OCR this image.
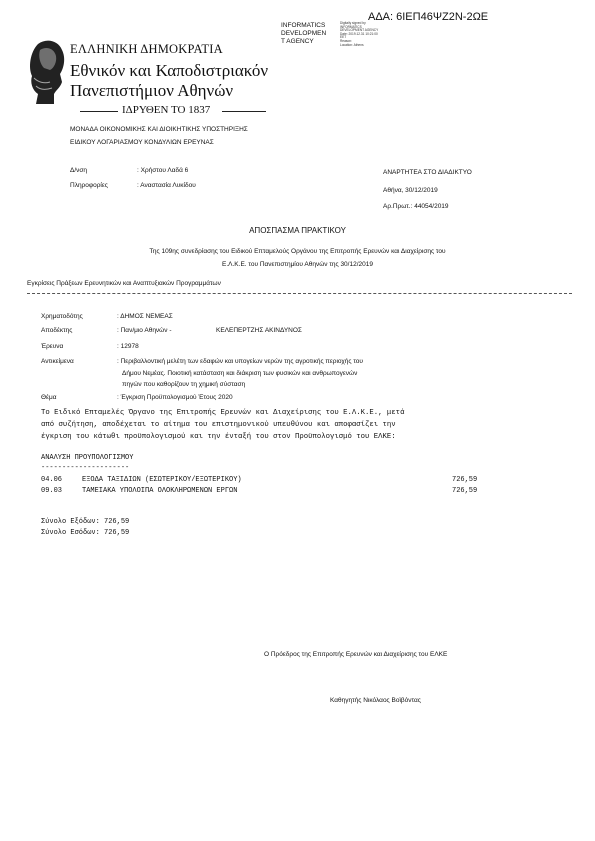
ΑΔΑ: 6ΙΕΠ46ΨΖ2Ν-2ΩΕ
INFORMATICS
DEVELOPMEN
T AGENCY
Digitally signed by
INFORMATICS
DEVELOPMENT AGENCY
Date: 2019.12.31 10:21:00
EET
Reason:
Location: Athens
ΕΛΛΗΝΙΚΗ ΔΗΜΟΚΡΑΤΙΑ
Εθνικόν και Καποδιστριακόν
Πανεπιστήμιον Αθηνών
ΙΔΡΥΘΕΝ ΤΟ 1837
ΜΟΝΑΔΑ ΟΙΚΟΝΟΜΙΚΗΣ ΚΑΙ ΔΙΟΙΚΗΤΙΚΗΣ ΥΠΟΣΤΗΡΙΞΗΣ
ΕΙΔΙΚΟΥ ΛΟΓΑΡΙΑΣΜΟΥ ΚΟΝΔΥΛΙΩΝ ΕΡΕΥΝΑΣ
Δ/νση	: Χρήστου Λαδά 6
Πληροφορίες	: Αναστασία Λυκίδου
ΑΝΑΡΤΗΤΕΑ ΣΤΟ ΔΙΑΔΙΚΤΥΟ
Αθήνα, 30/12/2019
Αρ.Πρωτ.: 44054/2019
ΑΠΟΣΠΑΣΜΑ ΠΡΑΚΤΙΚΟΥ
Της 109ης συνεδρίασης του Ειδικού Επταμελούς Οργάνου της Επιτροπής Ερευνών και Διαχείρισης του
Ε.Λ.Κ.Ε. του Πανεπιστημίου Αθηνών της 30/12/2019
Εγκρίσεις Πράξεων Ερευνητικών και Αναπτυξιακών Προγραμμάτων
Χρηματοδότης	: ΔΗΜΟΣ ΝΕΜΕΑΣ
Αποδέκτης	: Παν/μιο Αθηνών -	ΚΕΛΕΠΕΡΤΖΗΣ ΑΚΙΝΔΥΝΟΣ
Έρευνα	: 12978
Αντικείμενα	: Περιβαλλοντική μελέτη των εδαφών και υπογείων νερών της αγροτικής περιοχής του
Δήμου Νεμέας. Ποιοτική κατάσταση και διάκριση των φυσικών και ανθρωπογενών
πηγών που καθορίζουν τη χημική σύσταση
Θέμα	: Έγκριση Προϋπολογισμού Έτους 2020
Το Ειδικό Επταμελές Όργανο της Επιτροπής Ερευνών και Διαχείρισης του Ε.Λ.Κ.Ε., μετά
από συζήτηση, αποδέχεται το αίτημα του επιστημονικού υπευθύνου και αποφασίζει την
έγκριση του κάτωθι προϋπολογισμού και την ένταξή του στον Προϋπολογισμό του ΕΛΚΕ:
ΑΝΑΛΥΣΗ ΠΡΟΥΠΟΛΟΓΙΣΜΟΥ
---------------------
04.06	ΕΞΟΔΑ ΤΑΞΙΔΙΩΝ (ΕΣΩΤΕΡΙΚΟΥ/ΕΞΩΤΕΡΙΚΟΥ)	726,59
09.03	ΤΑΜΕΙΑΚΑ ΥΠΟΛΟΙΠΑ ΟΛΟΚΛΗΡΩΜΕΝΩΝ ΕΡΓΩΝ	726,59
Σύνολο Εξόδων: 726,59
Σύνολο Εσόδων: 726,59
Ο Πρόεδρος της Επιτροπής Ερευνών και Διαχείρισης του ΕΛΚΕ
Καθηγητής Νικόλαος Βοϊβόντας
